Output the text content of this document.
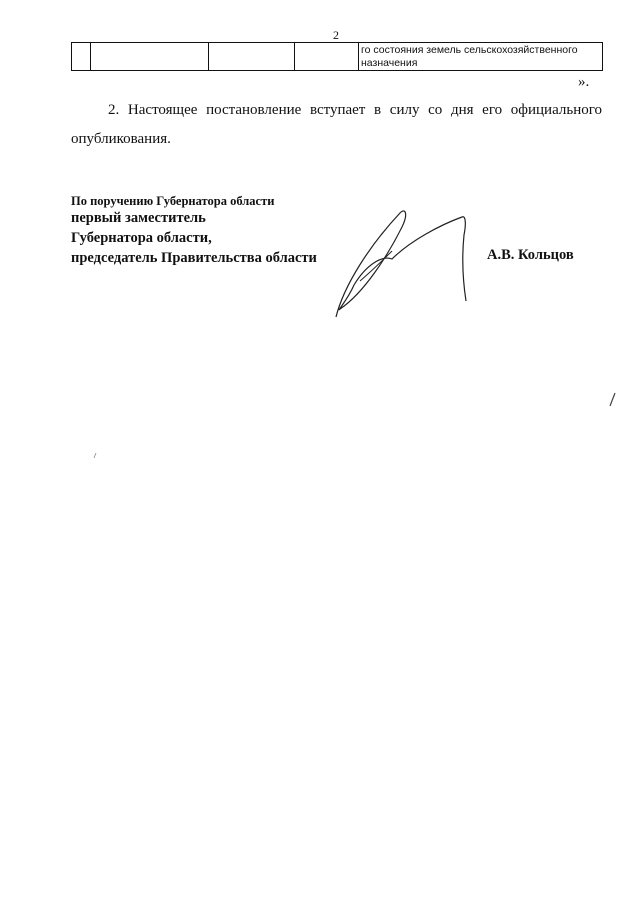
2

го состояния земель сельскохозяйственного
назначения
».
2. Настоящее постановление вступает в силу со дня его официального опубликования.
По поручению Губернатора области
первый заместитель
Губернатора области,
председатель Правительства области	А.В. Кольцов
